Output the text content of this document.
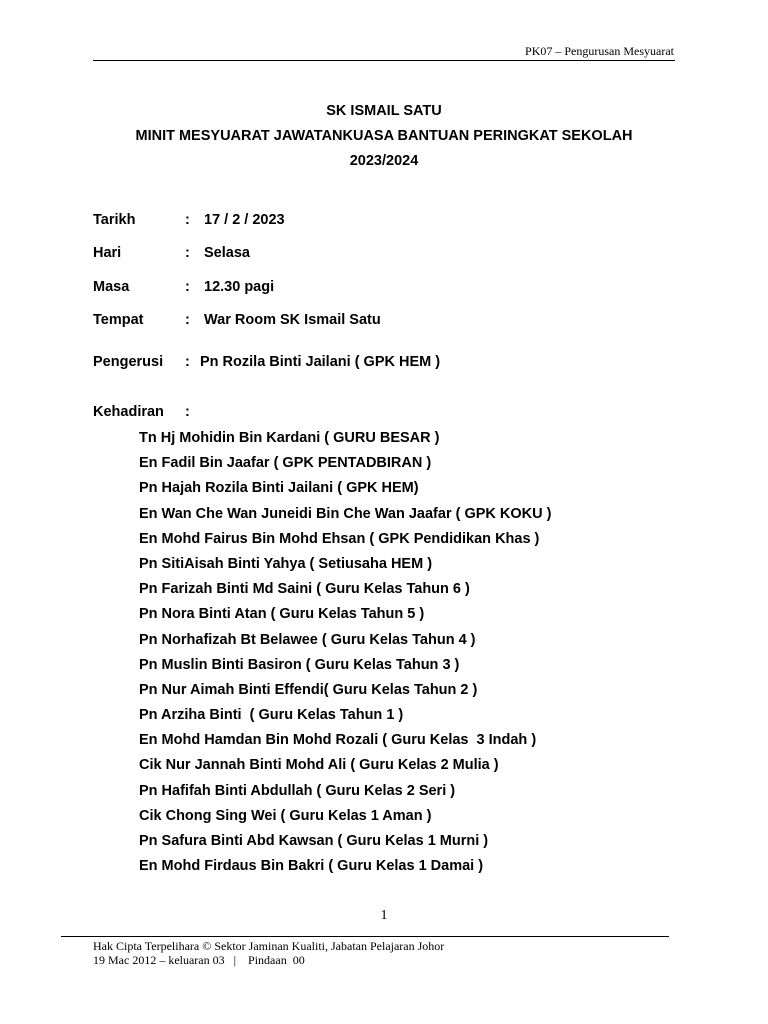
PK07 – Pengurusan Mesyuarat
SK ISMAIL SATU
MINIT MESYUARAT JAWATANKUASA BANTUAN PERINGKAT SEKOLAH
2023/2024
Tarikh	: 17 / 2 / 2023
Hari	: Selasa
Masa	: 12.30 pagi
Tempat	: War Room SK Ismail Satu
Pengerusi : Pn Rozila Binti Jailani ( GPK HEM )
Kehadiran :
Tn Hj Mohidin Bin Kardani ( GURU BESAR )
En Fadil Bin Jaafar ( GPK PENTADBIRAN )
Pn Hajah Rozila Binti Jailani ( GPK HEM)
En Wan Che Wan Juneidi Bin Che Wan Jaafar ( GPK KOKU )
En Mohd Fairus Bin Mohd Ehsan ( GPK Pendidikan Khas )
Pn SitiAisah Binti Yahya ( Setiusaha HEM )
Pn Farizah Binti Md Saini ( Guru Kelas Tahun 6 )
Pn Nora Binti Atan ( Guru Kelas Tahun 5 )
Pn Norhafizah Bt Belawee ( Guru Kelas Tahun 4 )
Pn Muslin Binti Basiron ( Guru Kelas Tahun 3 )
Pn Nur Aimah Binti Effendi( Guru Kelas Tahun 2 )
Pn Arziha Binti  ( Guru Kelas Tahun 1 )
En Mohd Hamdan Bin Mohd Rozali ( Guru Kelas  3 Indah )
Cik Nur Jannah Binti Mohd Ali ( Guru Kelas 2 Mulia )
Pn Hafifah Binti Abdullah ( Guru Kelas 2 Seri )
Cik Chong Sing Wei ( Guru Kelas 1 Aman )
Pn Safura Binti Abd Kawsan ( Guru Kelas 1 Murni )
En Mohd Firdaus Bin Bakri ( Guru Kelas 1 Damai )
1
Hak Cipta Terpelihara © Sektor Jaminan Kualiti, Jabatan Pelajaran Johor
19 Mac 2012 – keluaran 03   |    Pindaan  00
